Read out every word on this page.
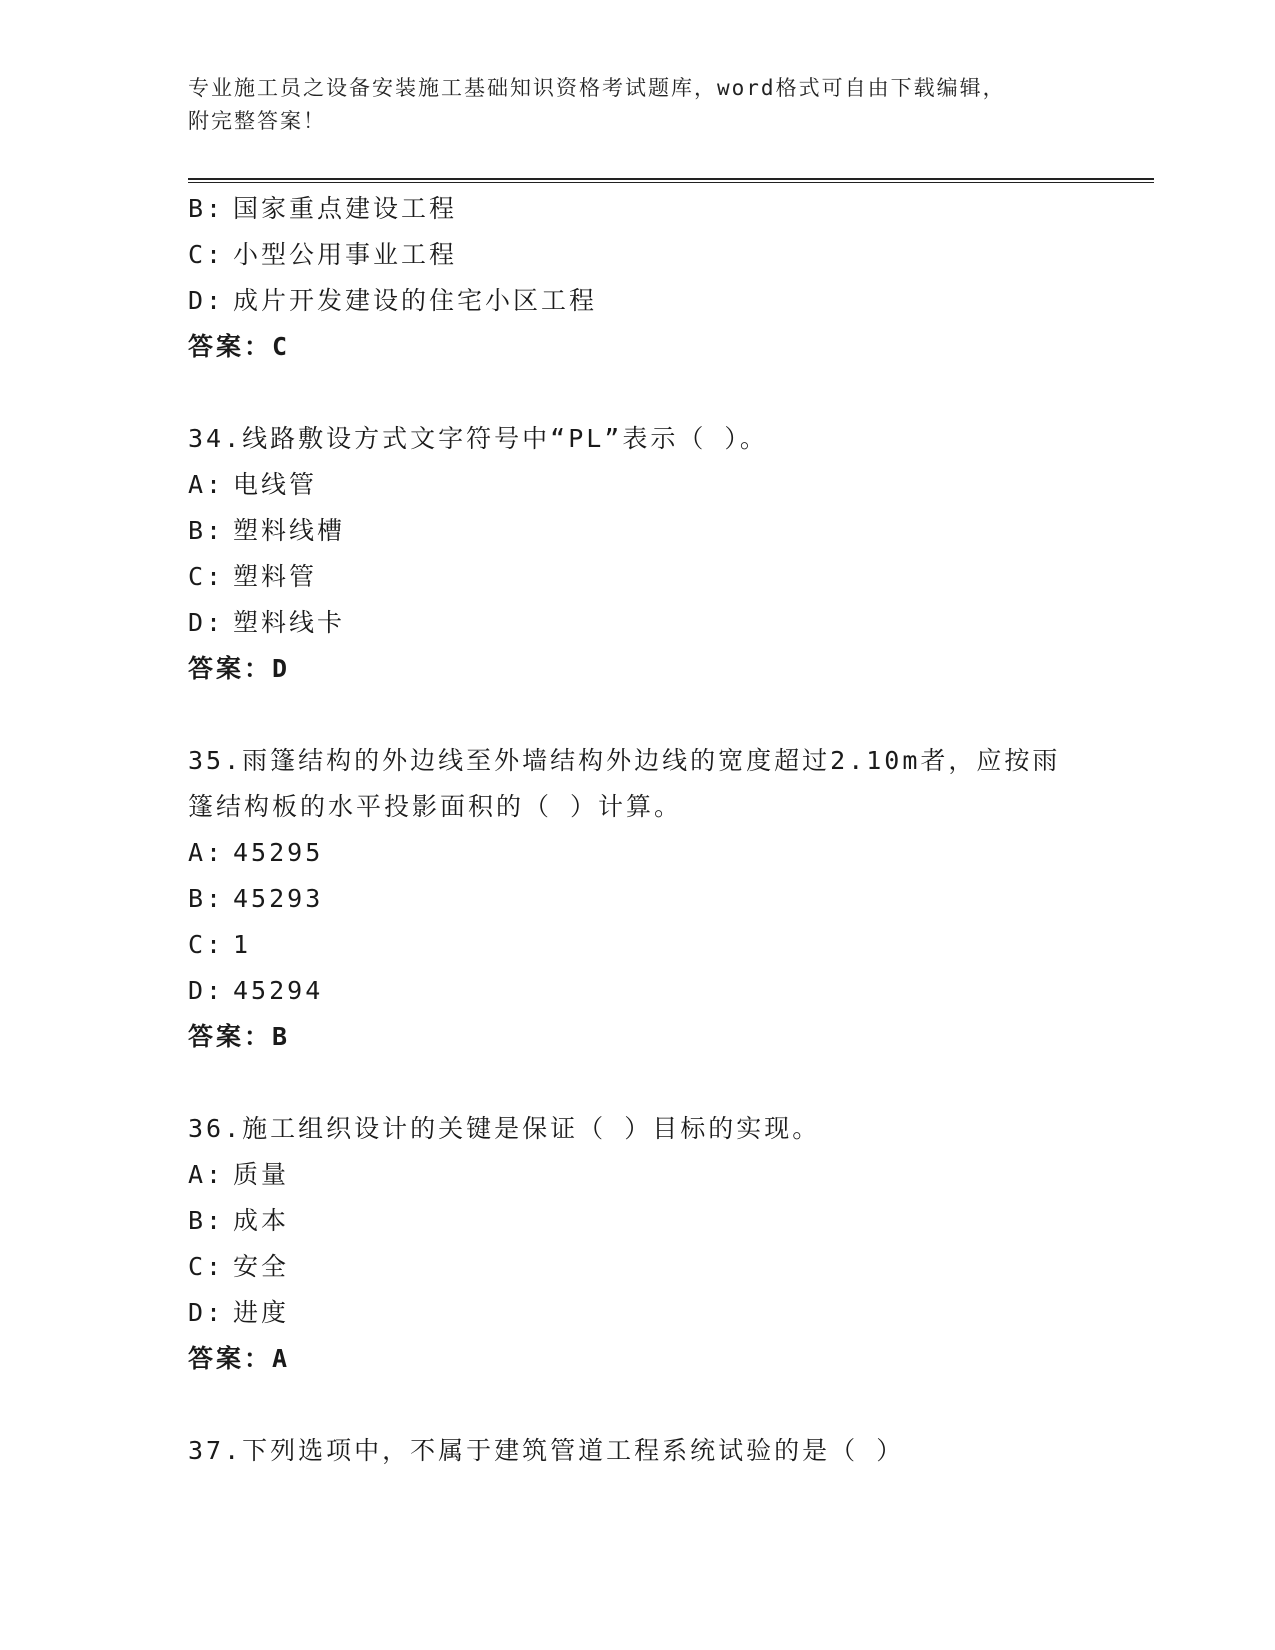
专业施工员之设备安装施工基础知识资格考试题库，word格式可自由下载编辑，
附完整答案！
B: 国家重点建设工程
C: 小型公用事业工程
D: 成片开发建设的住宅小区工程
答案：C
34.线路敷设方式文字符号中“PL”表示（ ）。
A: 电线管
B: 塑料线槽
C: 塑料管
D: 塑料线卡
答案：D
35.雨篷结构的外边线至外墙结构外边线的宽度超过2.10m者，应按雨
篷结构板的水平投影面积的（ ）计算。
A: 45295
B: 45293
C: 1
D: 45294
答案：B
36.施工组织设计的关键是保证（ ）目标的实现。
A: 质量
B: 成本
C: 安全
D: 进度
答案：A
37.下列选项中，不属于建筑管道工程系统试验的是（ ）
